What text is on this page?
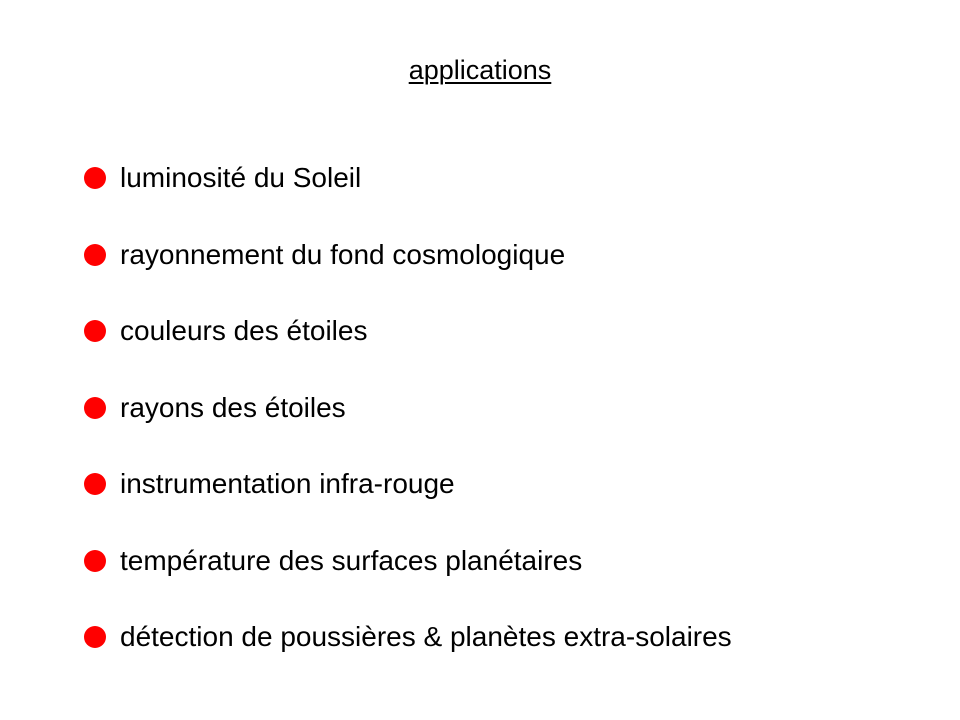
applications
luminosité du Soleil
rayonnement du fond cosmologique
couleurs des étoiles
rayons des étoiles
instrumentation infra-rouge
température des surfaces planétaires
détection de poussières & planètes extra-solaires
